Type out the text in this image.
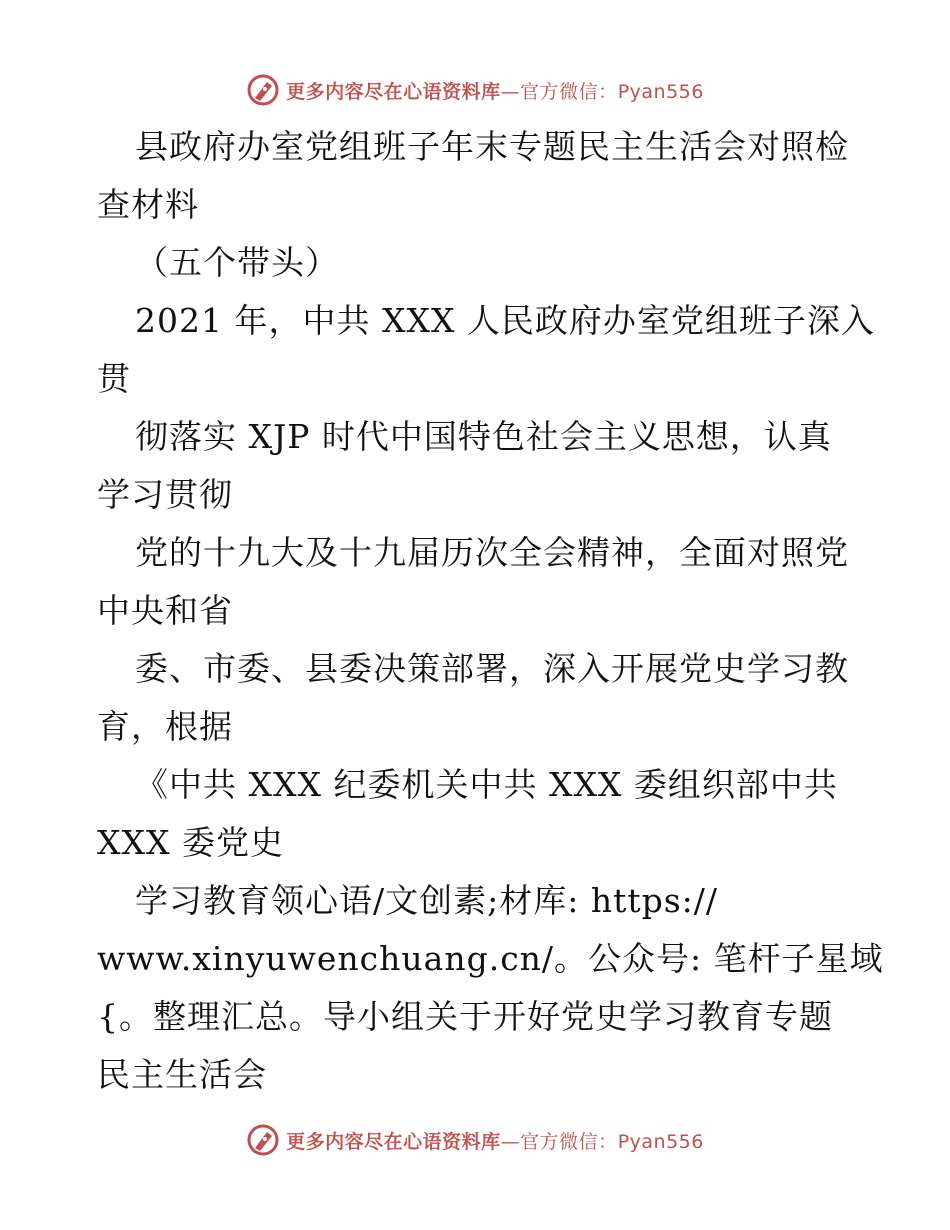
更多内容尽在心语资料库—官方微信：Pyan556
县政府办室党组班子年末专题民主生活会对照检
查材料
（五个带头）
2021 年，中共 XXX 人民政府办室党组班子深入
贯
彻落实 XJP 时代中国特色社会主义思想，认真
学习贯彻
党的十九大及十九届历次全会精神，全面对照党
中央和省
委、市委、县委决策部署，深入开展党史学习教
育，根据
《中共 XXX 纪委机关中共 XXX 委组织部中共
XXX 委党史
学习教育领心语/文创素;材库: https://
www.xinyuwenchuang.cn/。公众号: 笔杆子星域
{。整理汇总。导小组关于开好党史学习教育专题
民主生活会
更多内容尽在心语资料库—官方微信：Pyan556
